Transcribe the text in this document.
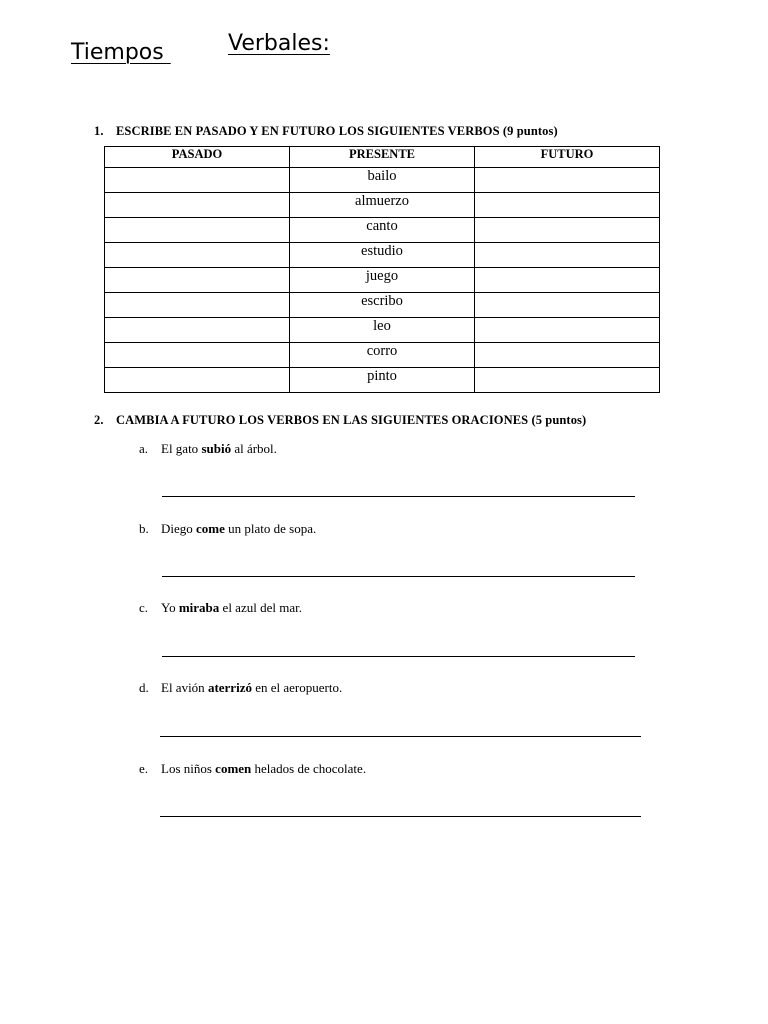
Tiempos	Verbales:
1. ESCRIBE EN PASADO Y EN FUTURO LOS SIGUIENTES VERBOS (9 puntos)
PASADO	PRESENTE	FUTURO
	bailo	
	almuerzo	
	canto	
	estudio	
	juego	
	escribo	
	leo	
	corro	
	pinto	
2. CAMBIA A FUTURO LOS VERBOS EN LAS SIGUIENTES ORACIONES (5 puntos)
a. El gato subió al árbol.
b. Diego come un plato de sopa.
c. Yo miraba el azul del mar.
d. El avión aterrizó en el aeropuerto.
e. Los niños comen helados de chocolate.
